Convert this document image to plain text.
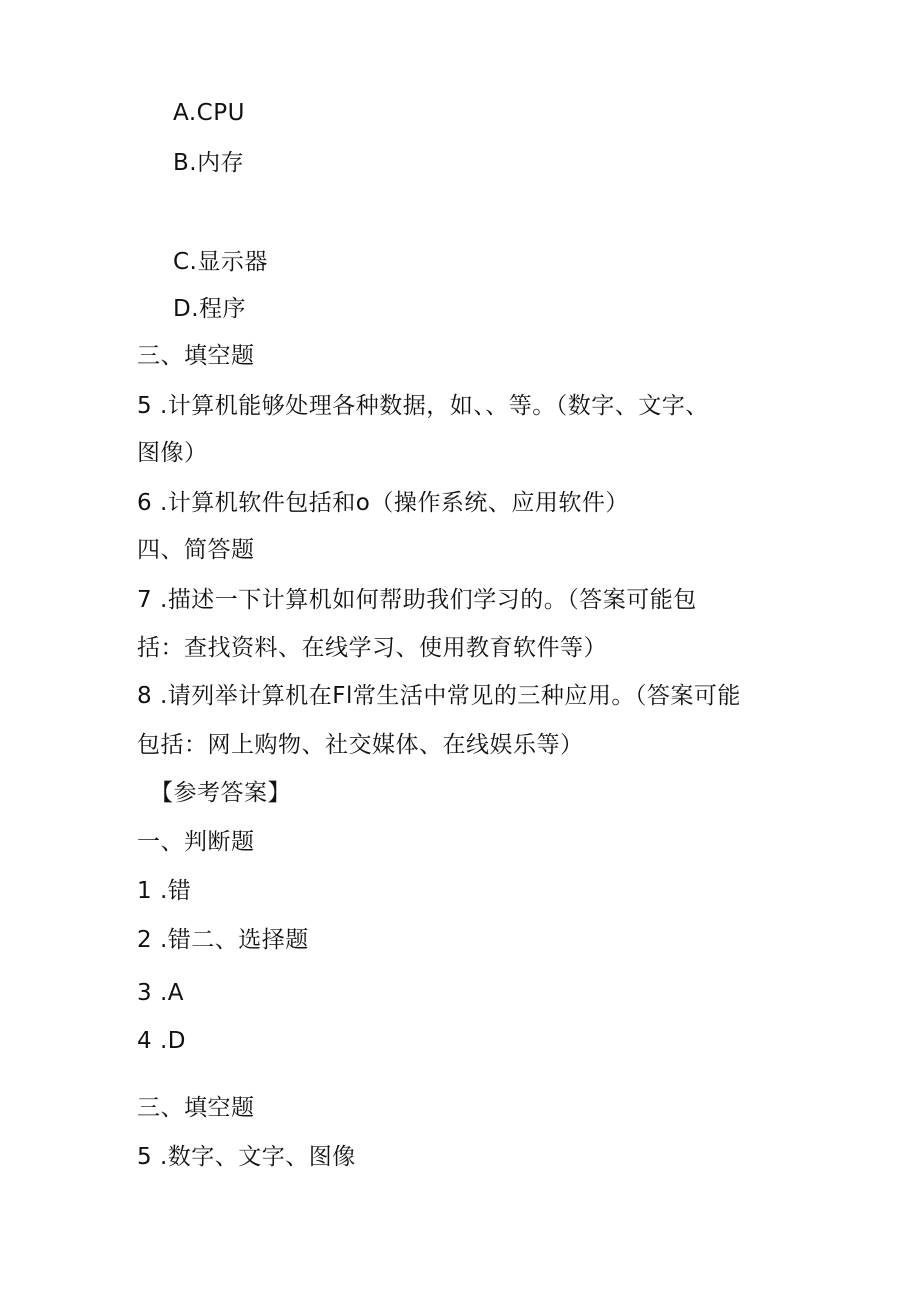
A.CPU
B.内存
C.显示器
D.程序
三、填空题
5 .计算机能够处理各种数据，如、、等。（数字、文字、
图像）
6 .计算机软件包括和o（操作系统、应用软件）
四、简答题
7 .描述一下计算机如何帮助我们学习的。（答案可能包
括：查找资料、在线学习、使用教育软件等）
8 .请列举计算机在Fl常生活中常见的三种应用。（答案可能
包括：网上购物、社交媒体、在线娱乐等）
【参考答案】
一、判断题
1 .错
2 .错二、选择题
3 .A
4 .D
三、填空题
5 .数字、文字、图像
